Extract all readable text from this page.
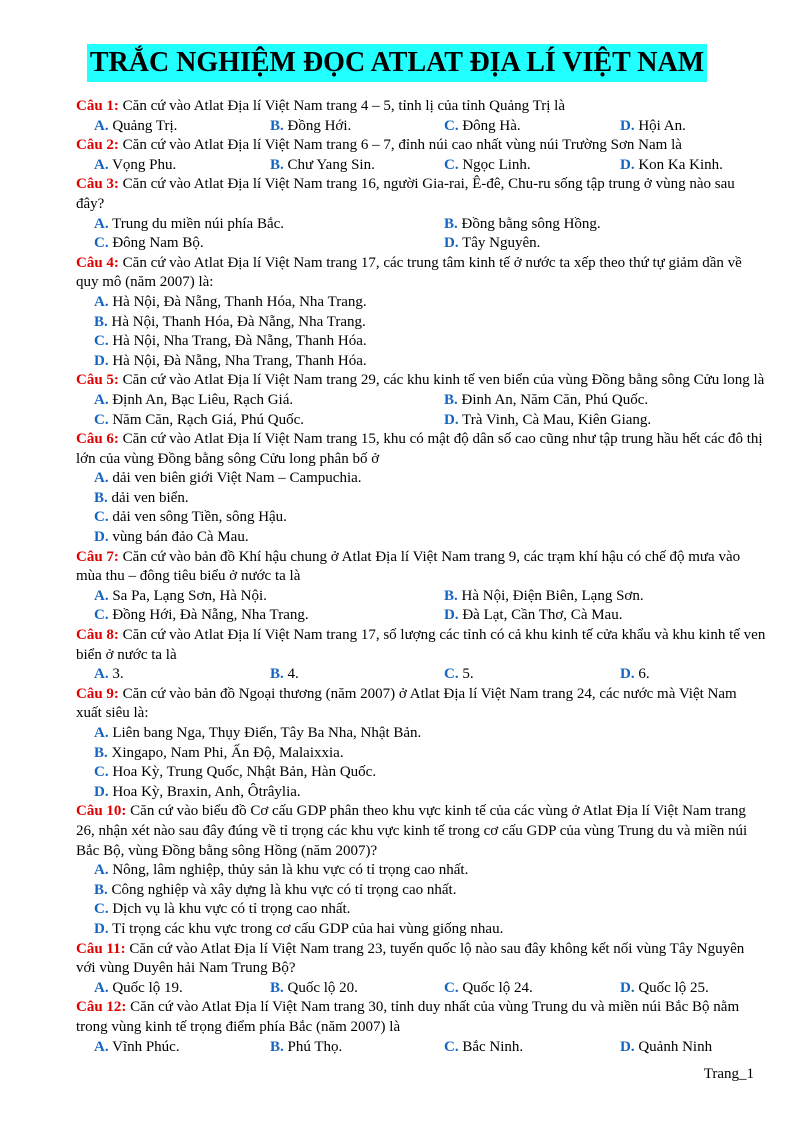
TRẮC NGHIỆM ĐỌC ATLAT ĐỊA LÍ VIỆT NAM

Câu 1: Căn cứ vào Atlat Địa lí Việt Nam trang 4 – 5, tỉnh lị của tỉnh Quảng Trị là

A. Quảng Trị.	B. Đồng Hới.	C. Đông Hà.	D. Hội An.

Câu 2: Căn cứ vào Atlat Địa lí Việt Nam trang 6 – 7, đỉnh núi cao nhất vùng núi Trường Sơn Nam là

A. Vọng Phu.	B. Chư Yang Sin.	C. Ngọc Linh.	D. Kon Ka Kinh.

Câu 3: Căn cứ vào Atlat Địa lí Việt Nam trang 16, người Gia-rai, Ê-đê, Chu-ru sống tập trung ở vùng nào sau đây?

A. Trung du miền núi phía Bắc.	B. Đồng bằng sông Hồng.
C. Đông Nam Bộ.	D. Tây Nguyên.

Câu 4: Căn cứ vào Atlat Địa lí Việt Nam trang 17, các trung tâm kinh tế ở nước ta xếp theo thứ tự giảm dần về quy mô (năm 2007) là:

A. Hà Nội, Đà Nẵng, Thanh Hóa, Nha Trang.
B. Hà Nội, Thanh Hóa, Đà Nẵng, Nha Trang.
C. Hà Nội, Nha Trang, Đà Nẵng, Thanh Hóa.
D. Hà Nội, Đà Nẵng, Nha Trang, Thanh Hóa.

Câu 5: Căn cứ vào Atlat Địa lí Việt Nam trang 29, các khu kinh tế ven biển của vùng Đồng bằng sông Cửu long là

A. Định An, Bạc Liêu, Rạch Giá.	B. Đinh An, Năm Căn, Phú Quốc.
C. Năm Căn, Rạch Giá, Phú Quốc.	D. Trà Vinh, Cà Mau, Kiên Giang.

Câu 6: Căn cứ vào Atlat Địa lí Việt Nam trang 15, khu có mật độ dân số cao cũng như tập trung hầu hết các đô thị lớn của vùng Đồng bằng sông Cửu long phân bố ở

A. dải ven biên giới Việt Nam – Campuchia.
B. dải ven biển.
C. dải ven sông Tiền, sông Hậu.
D. vùng bán đảo Cà Mau.

Câu 7: Căn cứ vào bản đồ Khí hậu chung ở Atlat Địa lí Việt Nam trang 9, các trạm khí hậu có chế độ mưa vào mùa thu – đông tiêu biểu ở nước ta là

A. Sa Pa, Lạng Sơn, Hà Nội.	B. Hà Nội, Điện Biên, Lạng Sơn.
C. Đồng Hới, Đà Nẵng, Nha Trang.	D. Đà Lạt, Cần Thơ, Cà Mau.

Câu 8: Căn cứ vào Atlat Địa lí Việt Nam trang 17, số lượng các tỉnh có cả khu kinh tế cửa khẩu và khu kinh tế ven biển ở nước ta là

A. 3.	B. 4.	C. 5.	D. 6.

Câu 9: Căn cứ vào bản đồ Ngoại thương (năm 2007) ở Atlat Địa lí Việt Nam trang 24, các nước mà Việt Nam xuất siêu là:

A. Liên bang Nga, Thụy Điển, Tây Ba Nha, Nhật Bản.
B. Xingapo, Nam Phi, Ấn Độ, Malaixxia.
C. Hoa Kỳ, Trung Quốc, Nhật Bản, Hàn Quốc.
D. Hoa Kỳ, Braxin, Anh, Ôtrâylia.

Câu 10: Căn cứ vào biểu đồ Cơ cấu GDP phân theo khu vực kinh tế của các vùng ở Atlat Địa lí Việt Nam trang 26, nhận xét nào sau đây đúng về tỉ trọng các khu vực kinh tế trong cơ cấu GDP của vùng Trung du và miền núi Bắc Bộ, vùng Đồng bằng sông Hồng (năm 2007)?

A. Nông, lâm nghiệp, thủy sản là khu vực có tỉ trọng cao nhất.
B. Công nghiệp và xây dựng là khu vực có tỉ trọng cao nhất.
C. Dịch vụ là khu vực có tỉ trọng cao nhất.
D. Tỉ trọng các khu vực trong cơ cấu GDP của hai vùng giống nhau.

Câu 11: Căn cứ vào Atlat Địa lí Việt Nam trang 23, tuyến quốc lộ nào sau đây không kết nối vùng Tây Nguyên với vùng Duyên hải Nam Trung Bộ?

A. Quốc lộ 19.	B. Quốc lộ 20.	C. Quốc lộ 24.	D. Quốc lộ 25.

Câu 12: Căn cứ vào Atlat Địa lí Việt Nam trang 30, tỉnh duy nhất của vùng Trung du và miền núi Bắc Bộ nằm trong vùng kinh tế trọng điểm phía Bắc (năm 2007) là

A. Vĩnh Phúc.	B. Phú Thọ.	C. Bắc Ninh.	D. Quảnh Ninh
Trang_1
